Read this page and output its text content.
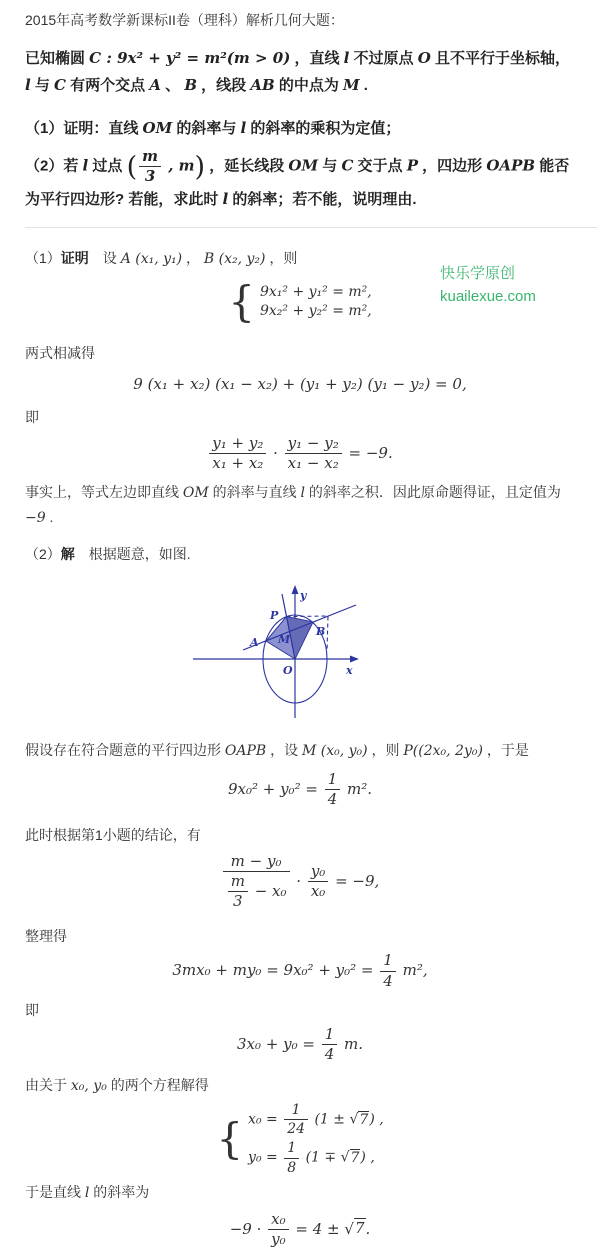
2015年高考数学新课标II卷（理科）解析几何大题：
已知椭圆 C : 9x² + y² = m²(m > 0) ，直线 l 不过原点 O 且不平行于坐标轴，l 与 C 有两个交点 A 、 B ，线段 AB 的中点为 M .
（1）证明：直线 OM 的斜率与 l 的斜率的乘积为定值；
（2）若 l 过点 ( $\frac{m}{3}$ , m) ，延长线段 OM 与 C 交于点 P ，四边形 OAPB 能否为平行四边形? 若能，求此时 l 的斜率；若不能，说明理由.
快乐学原创
kuailexue.com
（1）证明　设 A (x₁, y₁) ， B (x₂, y₂) ，则
{ 9x₁² + y₁² = m²,
9x₂² + y₂² = m²,
两式相减得
9 (x₁ + x₂) (x₁ − x₂) + (y₁ + y₂) (y₁ − y₂) = 0,
即
$\frac{\text{y₁ + y₂}}{\text{x₁ + x₂}} \cdot \frac{\text{y₁ − y₂}}{\text{x₁ − x₂}} = -9$.
事实上，等式左边即直线 OM 的斜率与直线 l 的斜率之积．因此原命题得证，且定值为 −9 .
（2）解　根据题意，如图.
y
x
O
A
B
M
P
假设存在符合题意的平行四边形 OAPB ，设 M (x₀, y₀) ，则 P((2x₀, 2y₀) ，于是
$9x_0^2 + y_0^2 = \frac{1}{4} m^2$.
此时根据第1小题的结论，有
$\frac{\text{m − y₀}}{\frac{m}{3} - x_0} \cdot \frac{\text{y₀}}{\text{x₀}} = -9$,
整理得
$3mx_0 + my_0 = 9x_0^2 + y_0^2 = \frac{1}{4} m^2$,
即
$3x_0 + y_0 = \frac{1}{4} m$.
由关于 x₀, y₀ 的两个方程解得
{ $x_0 = \frac{1}{24} (1 \pm √7)$ ,
$y_0 = \frac{1}{8} (1 \mp √7)$ ,
于是直线 l 的斜率为
$-9 \cdot \frac{\text{x₀}}{\text{y₀}} = 4 \pm √7$.
